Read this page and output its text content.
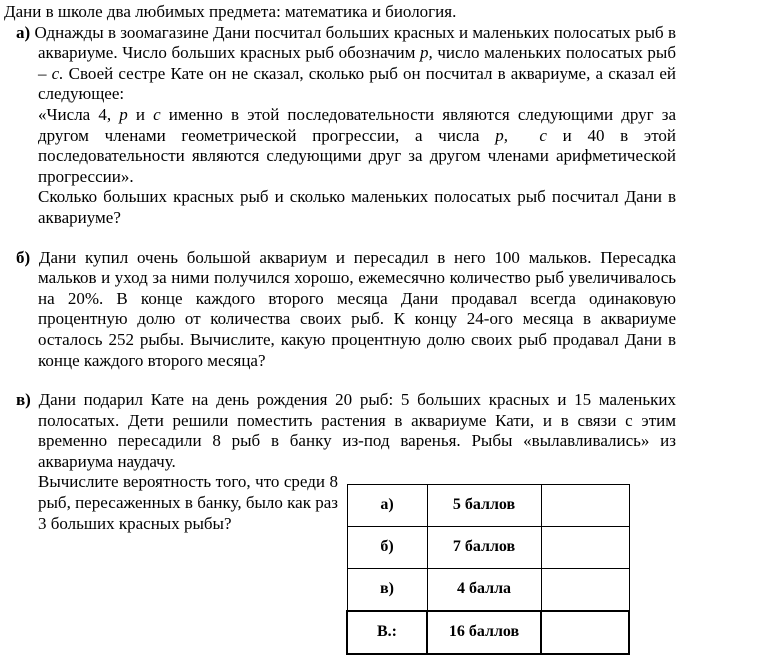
Дани в школе два любимых предмета: математика и биология.

а) Однажды в зоомагазине Дани посчитал больших красных и маленьких полосатых рыб в аквариуме. Число больших красных рыб обозначим p, число маленьких полосатых рыб – c. Своей сестре Кате он не сказал, сколько рыб он посчитал в аквариуме, а сказал ей следующее:

«Числа 4, p и c именно в этой последовательности являются следующими друг за другом членами геометрической прогрессии, а числа p, c и 40 в этой последовательности являются следующими друг за другом членами арифметической прогрессии».

Сколько больших красных рыб и сколько маленьких полосатых рыб посчитал Дани в аквариуме?

б) Дани купил очень большой аквариум и пересадил в него 100 мальков. Пересадка мальков и уход за ними получился хорошо, ежемесячно количество рыб увеличивалось на 20%. В конце каждого второго месяца Дани продавал всегда одинаковую процентную долю от количества своих рыб. К концу 24-ого месяца в аквариуме осталось 252 рыбы. Вычислите, какую процентную долю своих рыб продавал Дани в конце каждого второго месяца?

в) Дани подарил Кате на день рождения 20 рыб: 5 больших красных и 15 маленьких полосатых. Дети решили поместить растения в аквариуме Кати, и в связи с этим временно пересадили 8 рыб в банку из-под варенья. Рыбы «вылавливались» из аквариума наудачу.

Вычислите вероятность того, что среди 8 рыб, пересаженных в банку, было как раз 3 больших красных рыбы?

а)	5 баллов	
б)	7 баллов	
в)	4 балла	
В.:	16 баллов	
